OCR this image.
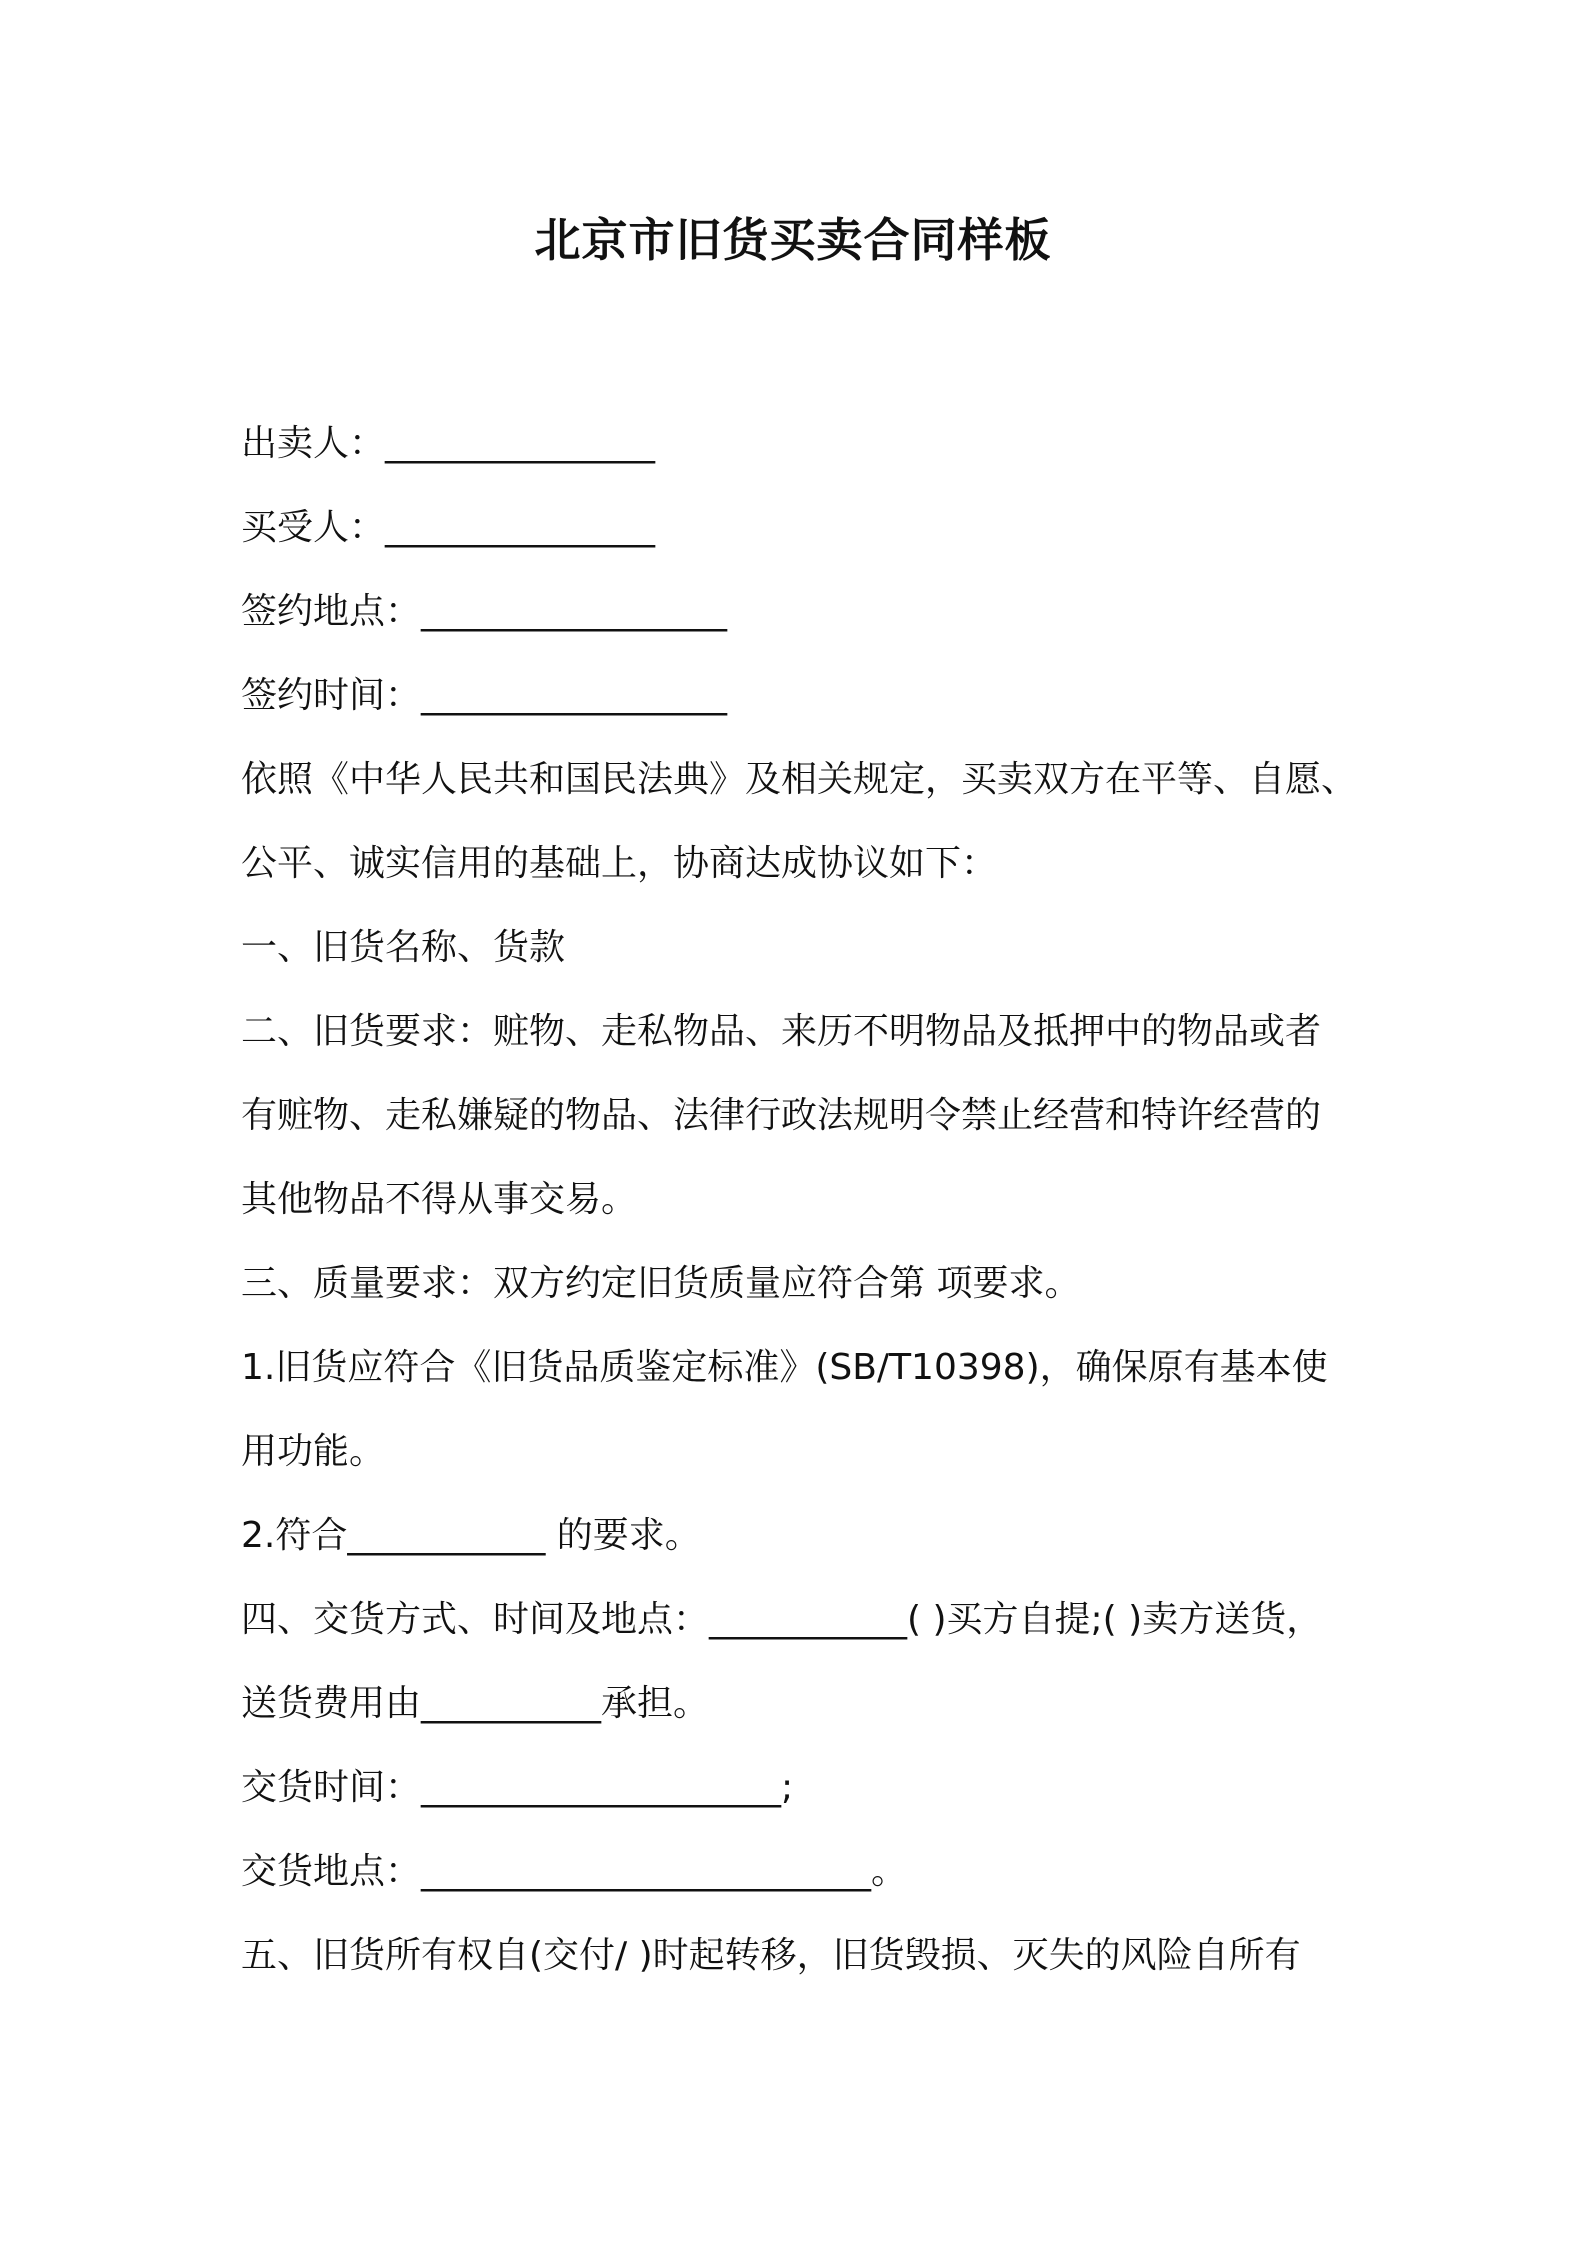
北京市旧货买卖合同样板
出卖人：_______________
买受人：_______________
签约地点：_________________
签约时间：_________________
依照《中华人民共和国民法典》及相关规定，买卖双方在平等、自愿、
公平、诚实信用的基础上，协商达成协议如下：
一、旧货名称、货款
二、旧货要求：赃物、走私物品、来历不明物品及抵押中的物品或者
有赃物、走私嫌疑的物品、法律行政法规明令禁止经营和特许经营的
其他物品不得从事交易。
三、质量要求：双方约定旧货质量应符合第 项要求。
1.旧货应符合《旧货品质鉴定标准》(SB/T10398)，确保原有基本使
用功能。
2.符合___________ 的要求。
四、交货方式、时间及地点：___________( )买方自提;( )卖方送货，
送货费用由__________承担。
交货时间：____________________;
交货地点：_________________________。
五、旧货所有权自(交付/ )时起转移，旧货毁损、灭失的风险自所有
